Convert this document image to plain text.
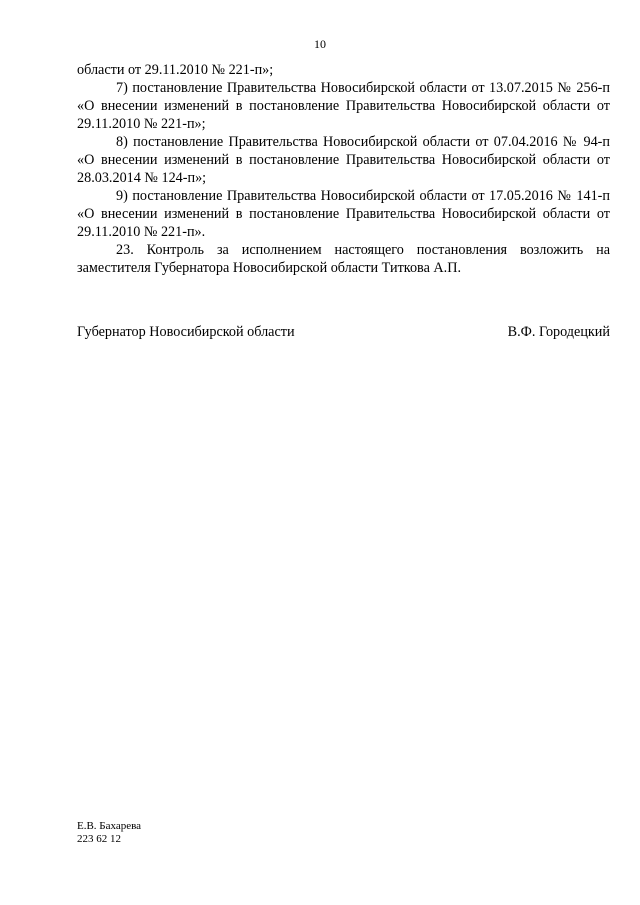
10

области от 29.11.2010 № 221-п»;

7) постановление Правительства Новосибирской области от 13.07.2015 № 256-п «О внесении изменений в постановление Правительства Новосибирской области от 29.11.2010 № 221-п»;

8) постановление Правительства Новосибирской области от 07.04.2016 № 94-п «О внесении изменений в постановление Правительства Новосибирской области от 28.03.2014 № 124-п»;

9) постановление Правительства Новосибирской области от 17.05.2016 № 141-п «О внесении изменений в постановление Правительства Новосибирской области от 29.11.2010 № 221-п».

23. Контроль за исполнением настоящего постановления возложить на заместителя Губернатора Новосибирской области Титкова А.П.

Губернатор Новосибирской области	В.Ф. Городецкий
Е.В. Бахарева
223 62 12
